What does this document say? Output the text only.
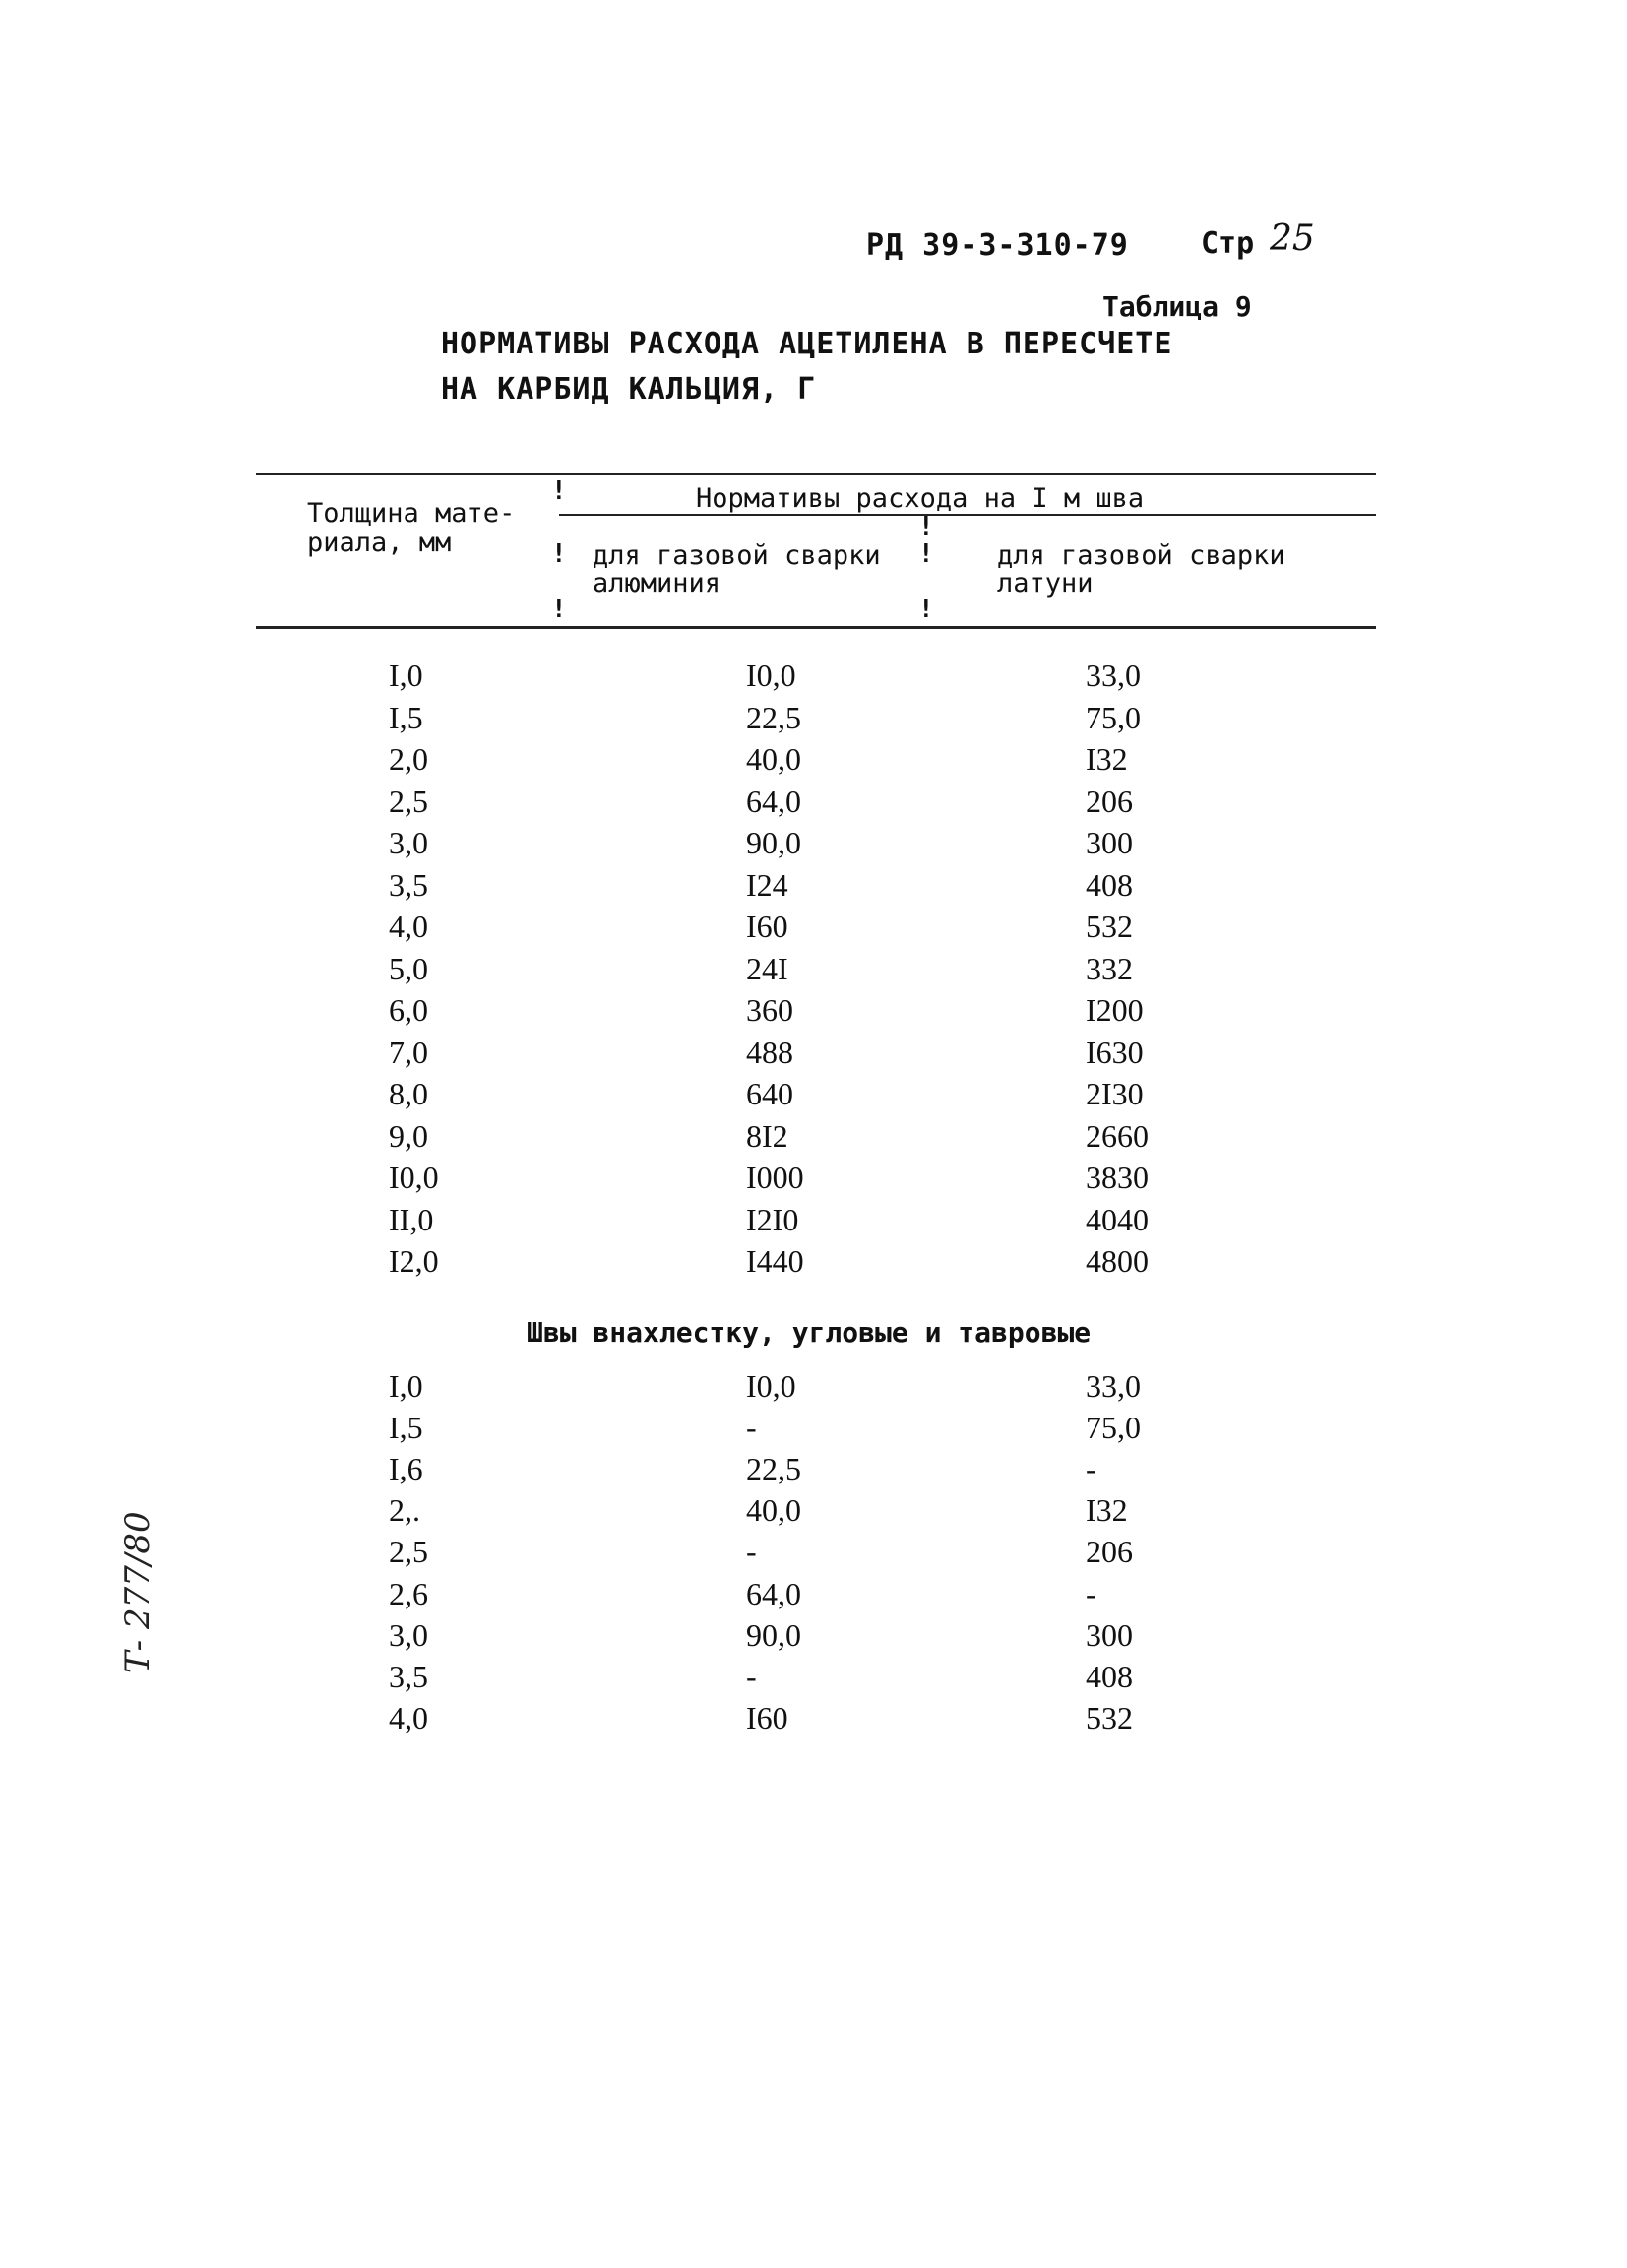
РД 39-3-310-79 Стр 25
Таблица 9
НОРМАТИВЫ РАСХОДА АЦЕТИЛЕНА В ПЕРЕСЧЕТЕ
НА КАРБИД КАЛЬЦИЯ, Г
!
!
!
!
!
!
Толщина мате-
риала, мм
Нормативы расхода на I м шва
для газовой сварки
алюминия
для газовой сварки
латуни
I,0	I0,0	33,0
I,5	22,5	75,0
2,0	40,0	I32
2,5	64,0	206
3,0	90,0	300
3,5	I24	408
4,0	I60	532
5,0	24I	332
6,0	360	I200
7,0	488	I630
8,0	640	2I30
9,0	8I2	2660
I0,0	I000	3830
II,0	I2I0	4040
I2,0	I440	4800
Швы внахлестку, угловые и тавровые
I,0	I0,0	33,0
I,5	-	75,0
I,6	22,5	-
2,.	40,0	I32
2,5	-	206
2,6	64,0	-
3,0	90,0	300
3,5	-	408
4,0	I60	532
Т- 277/80
